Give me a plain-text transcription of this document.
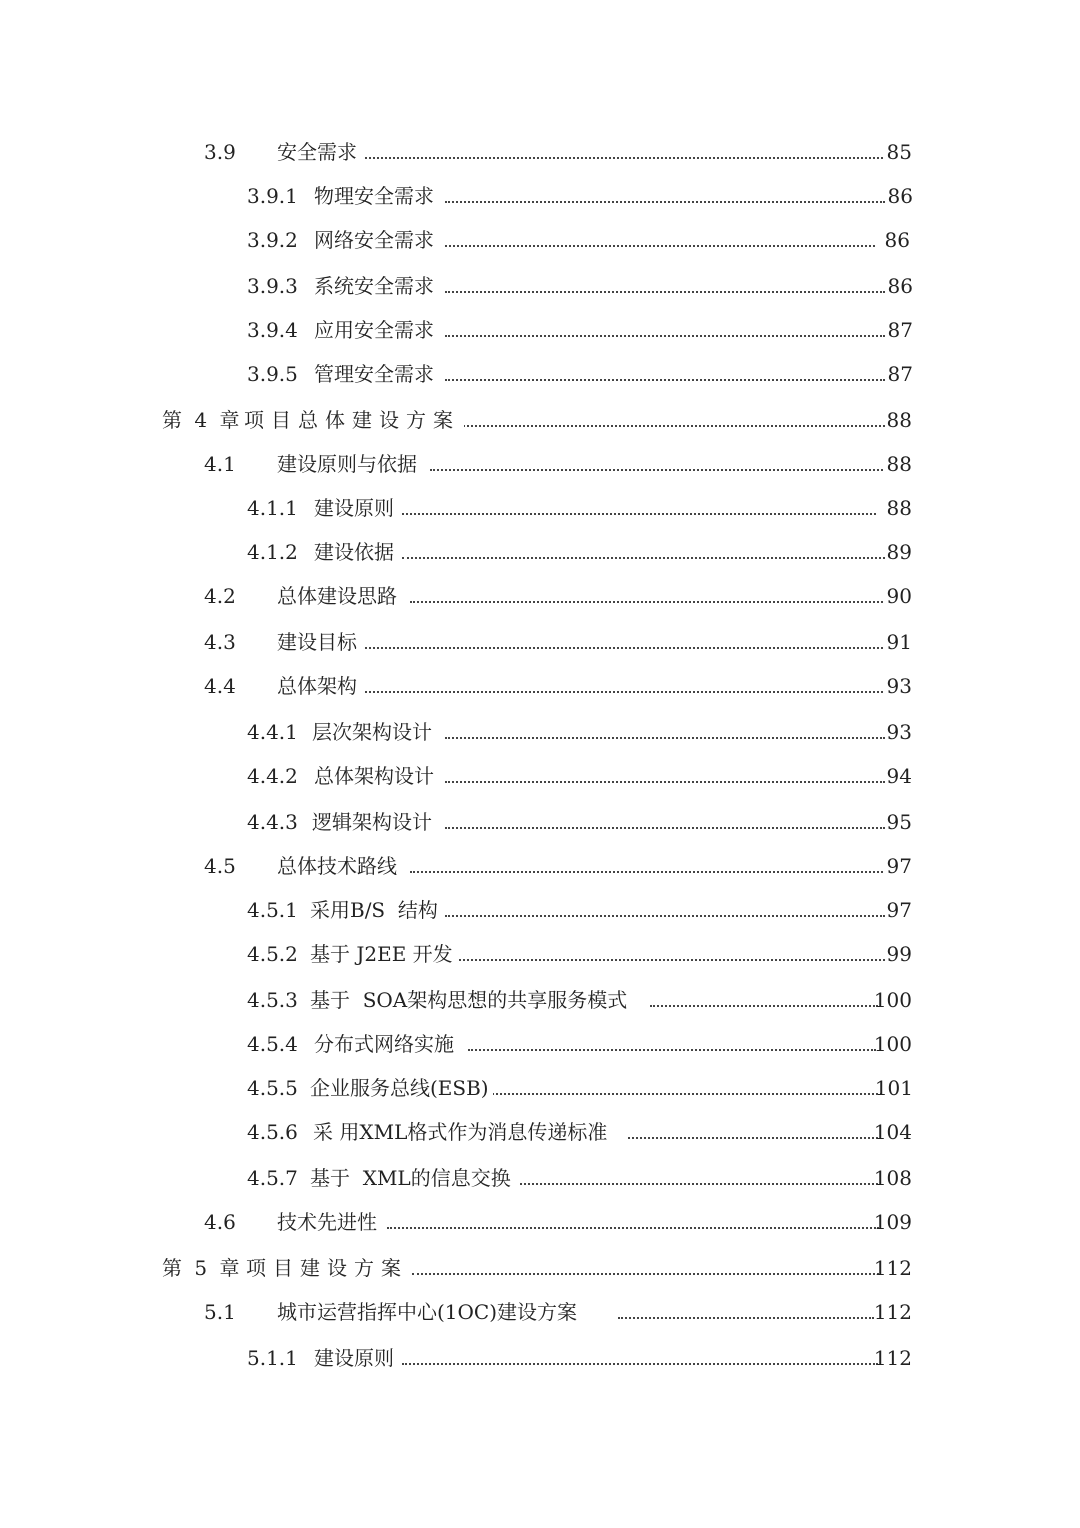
3.9 安全需求	85
3.9.1 物理安全需求	86
3.9.2 网络安全需求	86
3.9.3 系统安全需求	86
3.9.4 应用安全需求	87
3.9.5 管理安全需求	87
第 4 章 项目总体建设方案	88
4.1 建设原则与依据	88
4.1.1 建设原则	88
4.1.2 建设依据	89
4.2 总体建设思路	90
4.3 建设目标	91
4.4 总体架构	93
4.4.1 层次架构设计	93
4.4.2 总体架构设计	94
4.4.3 逻辑架构设计	95
4.5 总体技术路线	97
4.5.1 采用B/S  结构	97
4.5.2 基于 J2EE 开发	99
4.5.3 基于  SOA架构思想的共享服务模式	100
4.5.4 分布式网络实施	100
4.5.5 企业服务总线(ESB)	101
4.5.6 采 用XML格式作为消息传递标准	104
4.5.7 基于  XML的信息交换	108
4.6 技术先进性	109
第 5 章 项目建设方案	112
5.1 城市运营指挥中心(1OC)建设方案	112
5.1.1 建设原则	112
